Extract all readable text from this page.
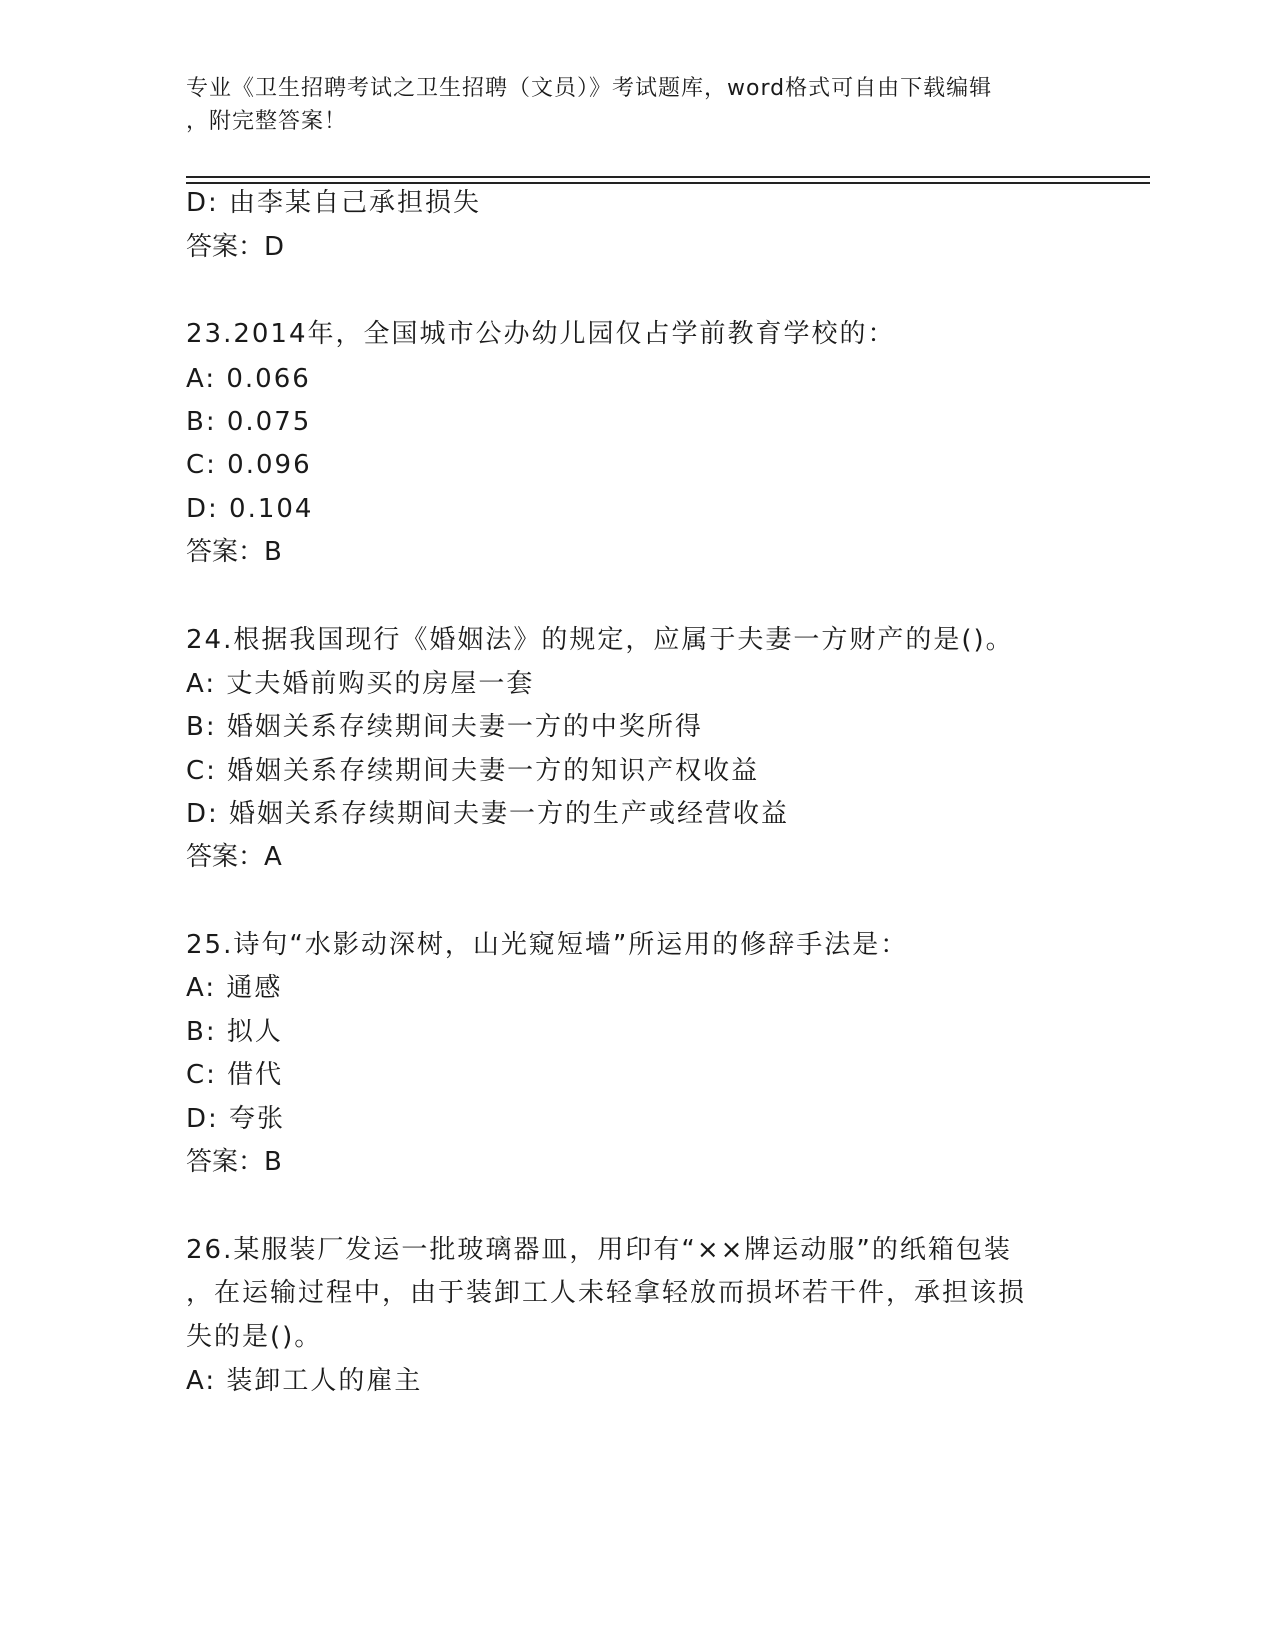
专业《卫生招聘考试之卫生招聘（文员）》考试题库，word格式可自由下载编辑
，附完整答案！

D: 由李某自己承担损失

答案：D

23.2014年，全国城市公办幼儿园仅占学前教育学校的：

A: 0.066

B: 0.075

C: 0.096

D: 0.104

答案：B

24.根据我国现行《婚姻法》的规定，应属于夫妻一方财产的是()。

A: 丈夫婚前购买的房屋一套

B: 婚姻关系存续期间夫妻一方的中奖所得

C: 婚姻关系存续期间夫妻一方的知识产权收益

D: 婚姻关系存续期间夫妻一方的生产或经营收益

答案：A

25.诗句“水影动深树，山光窥短墙”所运用的修辞手法是：

A: 通感

B: 拟人

C: 借代

D: 夸张

答案：B

26.某服装厂发运一批玻璃器皿，用印有“××牌运动服”的纸箱包装

，在运输过程中，由于装卸工人未轻拿轻放而损坏若干件，承担该损

失的是()。

A: 装卸工人的雇主
